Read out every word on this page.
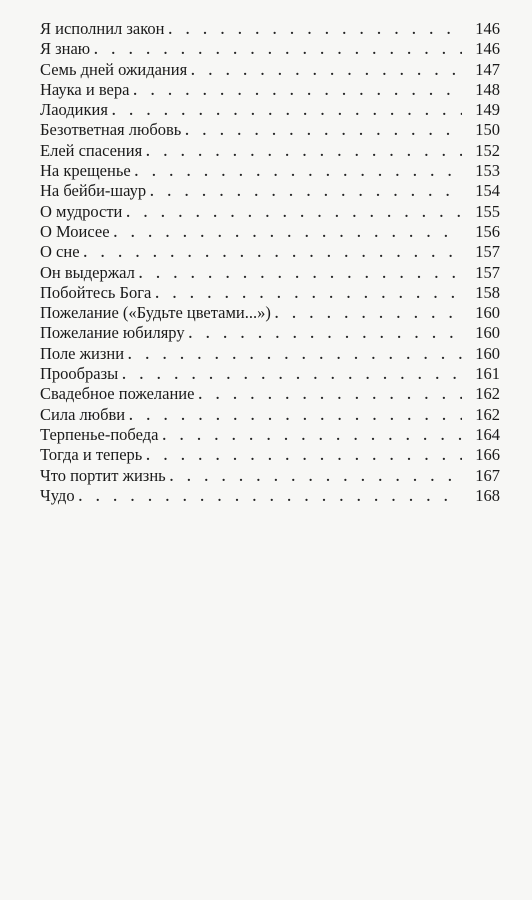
Я исполнил закон . . .	146
Я знаю . . .	146
Семь дней ожидания . . .	147
Наука и вера . . .	148
Лаодикия . . .	149
Безответная любовь . . .	150
Елей спасения . . .	152
На крещенье . . .	153
На бейби-шаур . . .	154
О мудрости . . .	155
О Моисее . . .	156
О сне . . .	157
Он выдержал . . .	157
Побойтесь Бога . . .	158
Пожелание («Будьте цветами...») . . .	160
Пожелание юбиляру . . .	160
Поле жизни . . .	160
Прообразы . . .	161
Свадебное пожелание . . .	162
Сила любви . . .	162
Терпенье-победа . . .	164
Тогда и теперь . . .	166
Что портит жизнь . . .	167
Чудо . . .	168
